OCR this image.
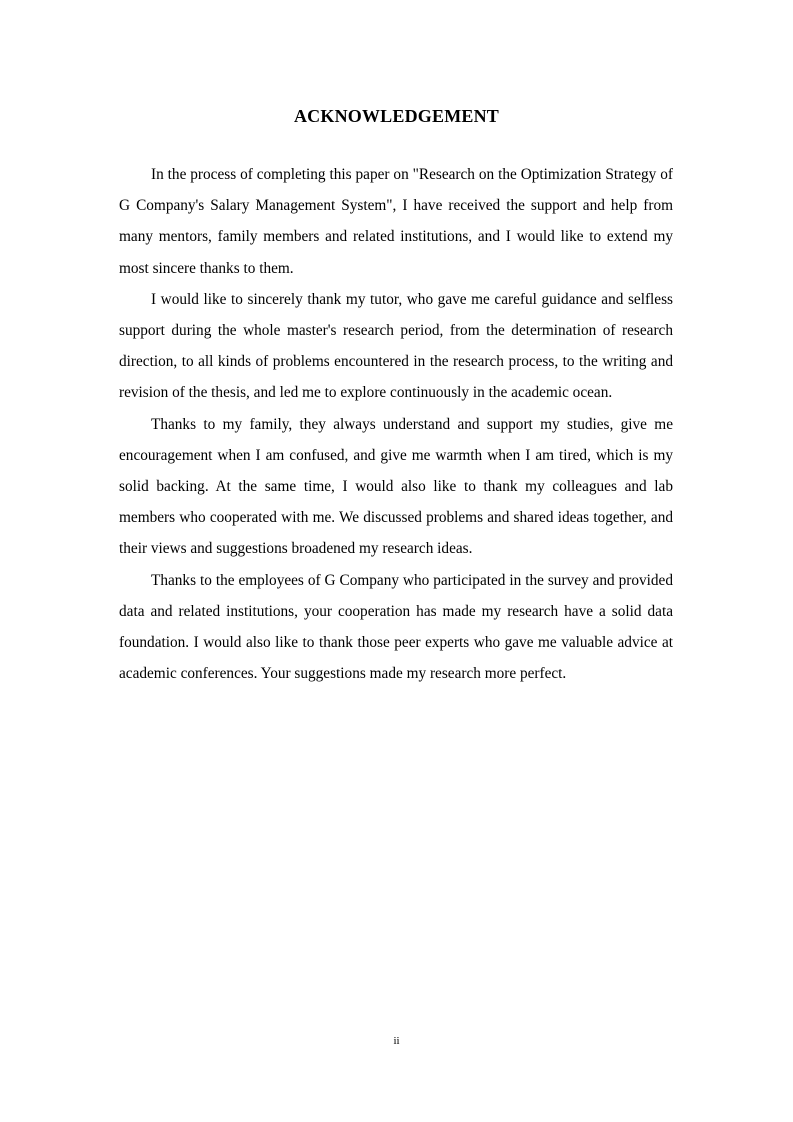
ACKNOWLEDGEMENT

In the process of completing this paper on "Research on the Optimization Strategy of G Company's Salary Management System", I have received the support and help from many mentors, family members and related institutions, and I would like to extend my most sincere thanks to them.

I would like to sincerely thank my tutor, who gave me careful guidance and selfless support during the whole master's research period, from the determination of research direction, to all kinds of problems encountered in the research process, to the writing and revision of the thesis, and led me to explore continuously in the academic ocean.

Thanks to my family, they always understand and support my studies, give me encouragement when I am confused, and give me warmth when I am tired, which is my solid backing. At the same time, I would also like to thank my colleagues and lab members who cooperated with me. We discussed problems and shared ideas together, and their views and suggestions broadened my research ideas.

Thanks to the employees of G Company who participated in the survey and provided data and related institutions, your cooperation has made my research have a solid data foundation. I would also like to thank those peer experts who gave me valuable advice at academic conferences. Your suggestions made my research more perfect.

ii
